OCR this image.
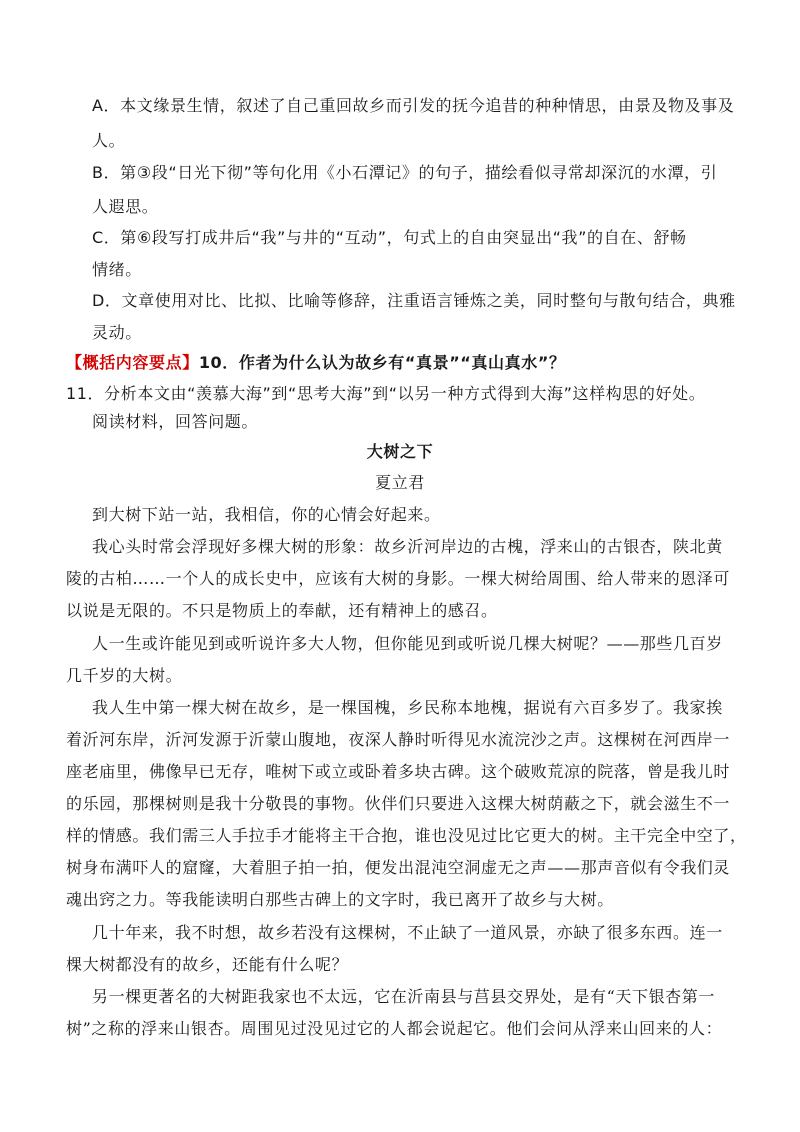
A．本文缘景生情，叙述了自己重回故乡而引发的抚今追昔的种种情思，由景及物及事及
人。
B．第③段“日光下彻”等句化用《小石潭记》的句子，描绘看似寻常却深沉的水潭，引
人遐思。
C．第⑥段写打成井后“我”与井的“互动”，句式上的自由突显出“我”的自在、舒畅
情绪。
D．文章使用对比、比拟、比喻等修辞，注重语言锤炼之美，同时整句与散句结合，典雅
灵动。
【概括内容要点】10．作者为什么认为故乡有“真景”“真山真水”？
11．分析本文由“羡慕大海”到“思考大海”到“以另一种方式得到大海”这样构思的好处。
阅读材料，回答问题。
大树之下
夏立君
到大树下站一站，我相信，你的心情会好起来。
我心头时常会浮现好多棵大树的形象：故乡沂河岸边的古槐，浮来山的古银杏，陕北黄
陵的古柏……一个人的成长史中，应该有大树的身影。一棵大树给周围、给人带来的恩泽可
以说是无限的。不只是物质上的奉献，还有精神上的感召。
人一生或许能见到或听说许多大人物，但你能见到或听说几棵大树呢？——那些几百岁
几千岁的大树。
我人生中第一棵大树在故乡，是一棵国槐，乡民称本地槐，据说有六百多岁了。我家挨
着沂河东岸，沂河发源于沂蒙山腹地，夜深人静时听得见水流浣沙之声。这棵树在河西岸一
座老庙里，佛像早已无存，唯树下或立或卧着多块古碑。这个破败荒凉的院落，曾是我儿时
的乐园，那棵树则是我十分敬畏的事物。伙伴们只要进入这棵大树荫蔽之下，就会滋生不一
样的情感。我们需三人手拉手才能将主干合抱，谁也没见过比它更大的树。主干完全中空了，
树身布满吓人的窟窿，大着胆子拍一拍，便发出混沌空洞虚无之声——那声音似有令我们灵
魂出窍之力。等我能读明白那些古碑上的文字时，我已离开了故乡与大树。
几十年来，我不时想，故乡若没有这棵树，不止缺了一道风景，亦缺了很多东西。连一
棵大树都没有的故乡，还能有什么呢？
另一棵更著名的大树距我家也不太远，它在沂南县与莒县交界处，是有“天下银杏第一
树”之称的浮来山银杏。周围见过没见过它的人都会说起它。他们会问从浮来山回来的人：
